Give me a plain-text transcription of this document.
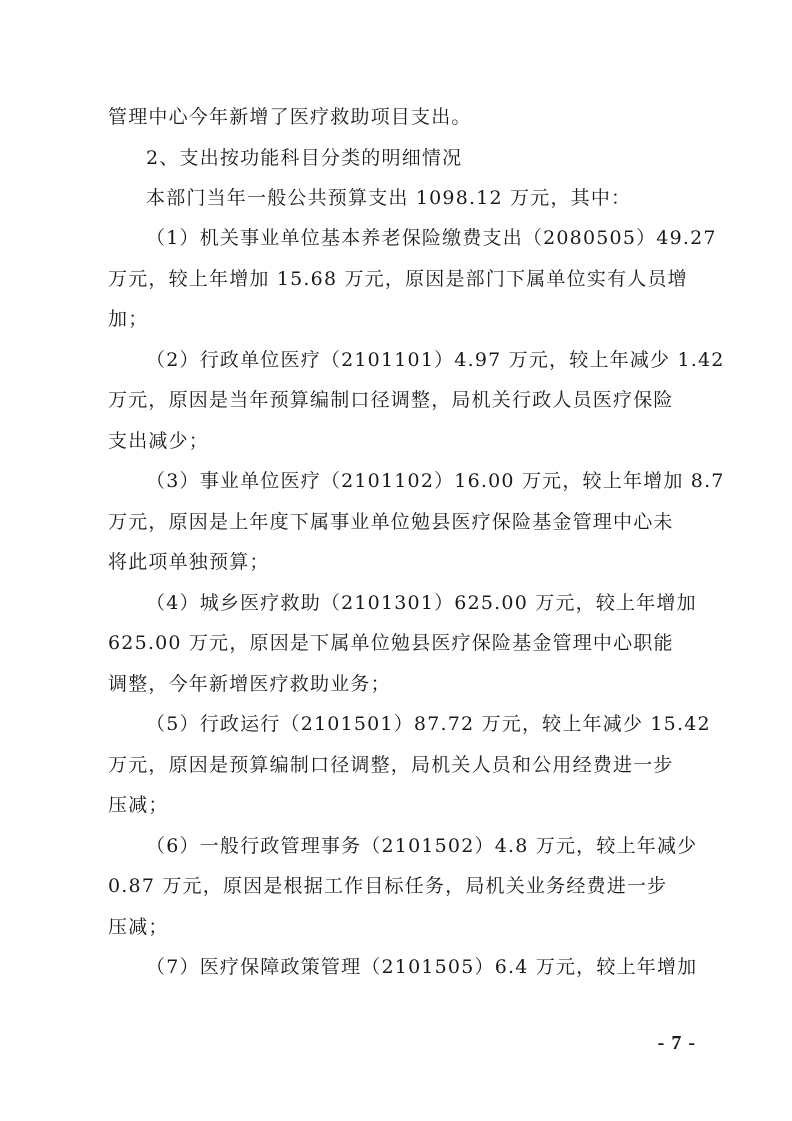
管理中心今年新增了医疗救助项目支出。
2、支出按功能科目分类的明细情况
本部门当年一般公共预算支出 1098.12 万元，其中：
（1）机关事业单位基本养老保险缴费支出（2080505）49.27
万元，较上年增加 15.68 万元，原因是部门下属单位实有人员增
加；
（2）行政单位医疗（2101101）4.97 万元，较上年减少 1.42
万元，原因是当年预算编制口径调整，局机关行政人员医疗保险
支出减少；
（3）事业单位医疗（2101102）16.00 万元，较上年增加 8.7
万元，原因是上年度下属事业单位勉县医疗保险基金管理中心未
将此项单独预算；
（4）城乡医疗救助（2101301）625.00 万元，较上年增加
625.00 万元，原因是下属单位勉县医疗保险基金管理中心职能
调整，今年新增医疗救助业务；
（5）行政运行（2101501）87.72 万元，较上年减少 15.42
万元，原因是预算编制口径调整，局机关人员和公用经费进一步
压减；
（6）一般行政管理事务（2101502）4.8 万元，较上年减少
0.87 万元，原因是根据工作目标任务，局机关业务经费进一步
压减；
（7）医疗保障政策管理（2101505）6.4 万元，较上年增加
- 7 -
